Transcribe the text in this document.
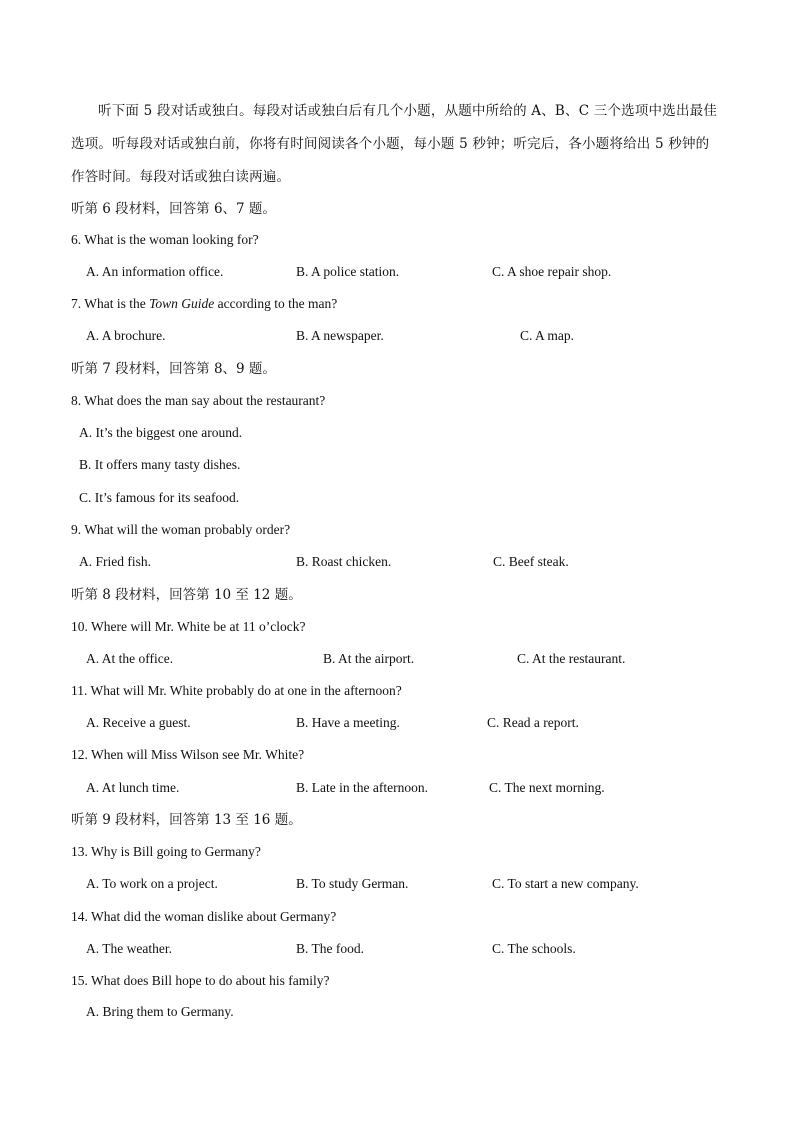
听下面 5 段对话或独白。每段对话或独白后有几个小题，从题中所给的 A、B、C 三个选项中选出最佳
选项。听每段对话或独白前，你将有时间阅读各个小题，每小题 5 秒钟；听完后，各小题将给出 5 秒钟的
作答时间。每段对话或独白读两遍。
听第 6 段材料，回答第 6、7 题。
6. What is the woman looking for?
A. An information office.	B. A police station.	C. A shoe repair shop.
7. What is the Town Guide according to the man?
A. A brochure.	B. A newspaper.	C. A map.
听第 7 段材料，回答第 8、9 题。
8. What does the man say about the restaurant?
A. It’s the biggest one around.
B. It offers many tasty dishes.
C. It’s famous for its seafood.
9. What will the woman probably order?
A. Fried fish.	B. Roast chicken.	C. Beef steak.
听第 8 段材料，回答第 10 至 12 题。
10. Where will Mr. White be at 11 o’clock?
A. At the office.	B. At the airport.	C. At the restaurant.
11. What will Mr. White probably do at one in the afternoon?
A. Receive a guest.	B. Have a meeting.	C. Read a report.
12. When will Miss Wilson see Mr. White?
A. At lunch time.	B. Late in the afternoon.	C. The next morning.
听第 9 段材料，回答第 13 至 16 题。
13. Why is Bill going to Germany?
A. To work on a project.	B. To study German.	C. To start a new company.
14. What did the woman dislike about Germany?
A. The weather.	B. The food.	C. The schools.
15. What does Bill hope to do about his family?
A. Bring them to Germany.
